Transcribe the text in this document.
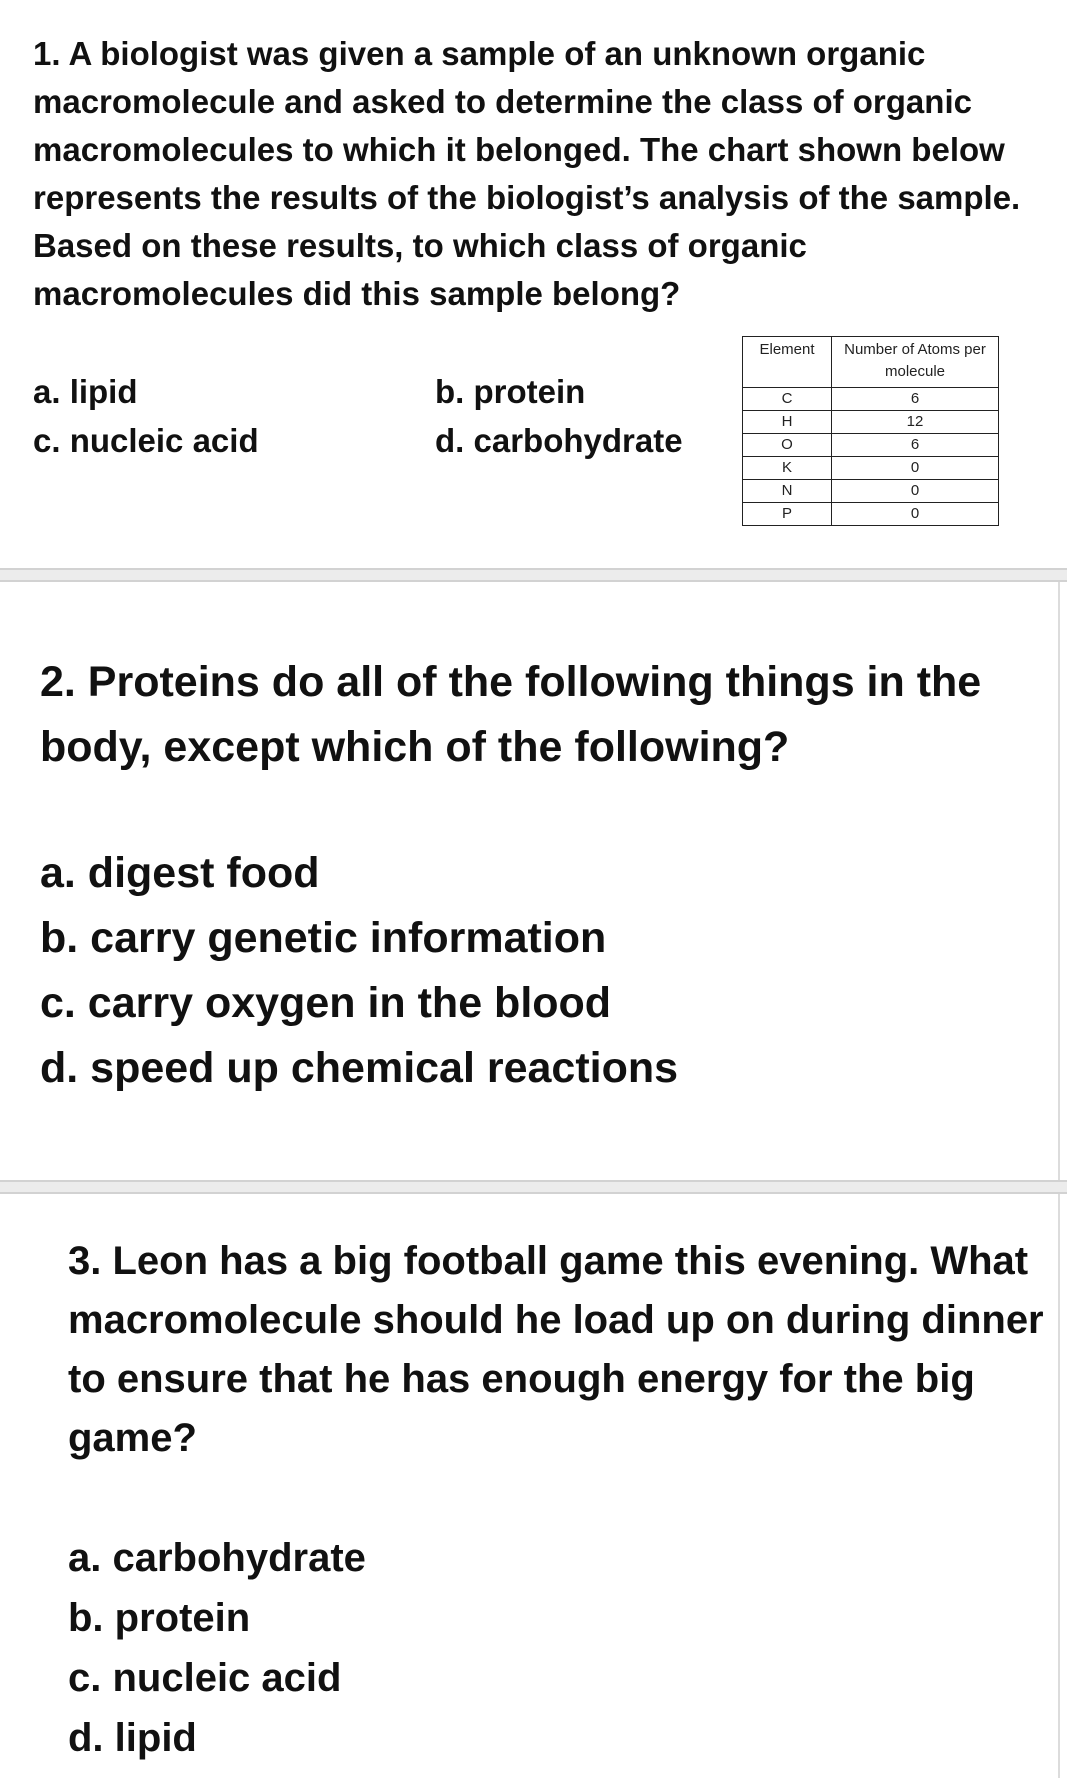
1. A biologist was given a sample of an unknown organic macromolecule and asked to determine the class of organic macromolecules to which it belonged. The chart shown below represents the results of the biologist’s analysis of the sample. Based on these results, to which class of organic macromolecules did this sample belong?

a. lipid	b. protein
c. nucleic acid	d. carbohydrate
Element	Number of Atoms per molecule
C	6
H	12
O	6
K	0
N	0
P	0

2. Proteins do all of the following things in the body, except which of the following?

a. digest food
b. carry genetic information
c. carry oxygen in the blood
d. speed up chemical reactions

3. Leon has a big football game this evening. What macromolecule should he load up on during dinner to ensure that he has enough energy for the big game?

a. carbohydrate
b. protein
c. nucleic acid
d. lipid
